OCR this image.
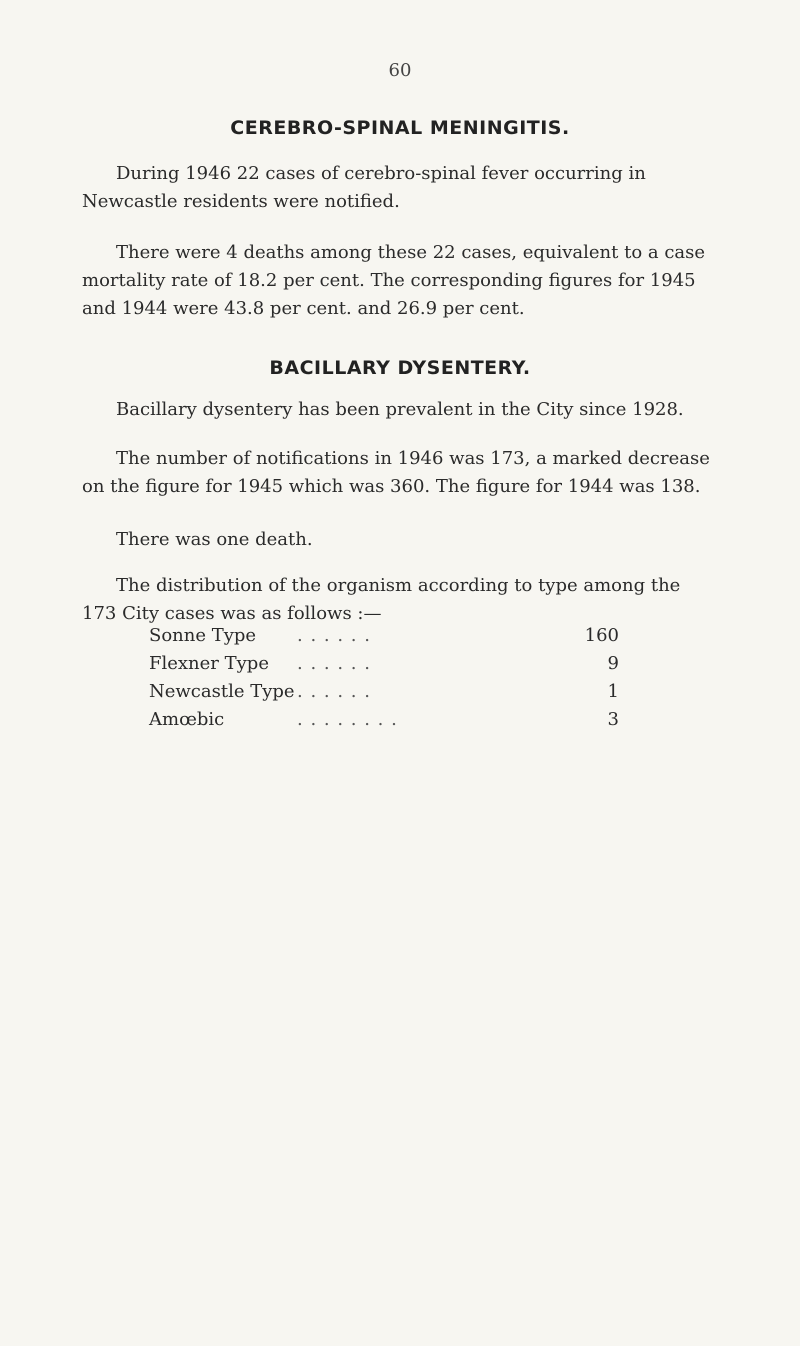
60
CEREBRO-SPINAL MENINGITIS.

During 1946 22 cases of cerebro-spinal fever occurring in
Newcastle residents were notified.

There were 4 deaths among these 22 cases, equivalent to a case
mortality rate of 18.2 per cent. The corresponding figures for 1945
and 1944 were 43.8 per cent. and 26.9 per cent.

BACILLARY DYSENTERY.

Bacillary dysentery has been prevalent in the City since 1928.

The number of notifications in 1946 was 173, a marked decrease
on the figure for 1945 which was 360. The figure for 1944 was 138.

There was one death.

The distribution of the organism according to type among the
173 City cases was as follows :—

Sonne Type	. . . . . .	160
Flexner Type	. . . . . .	9
Newcastle Type . . . . . .	1
Amœbic	. . . . . . . .	3
